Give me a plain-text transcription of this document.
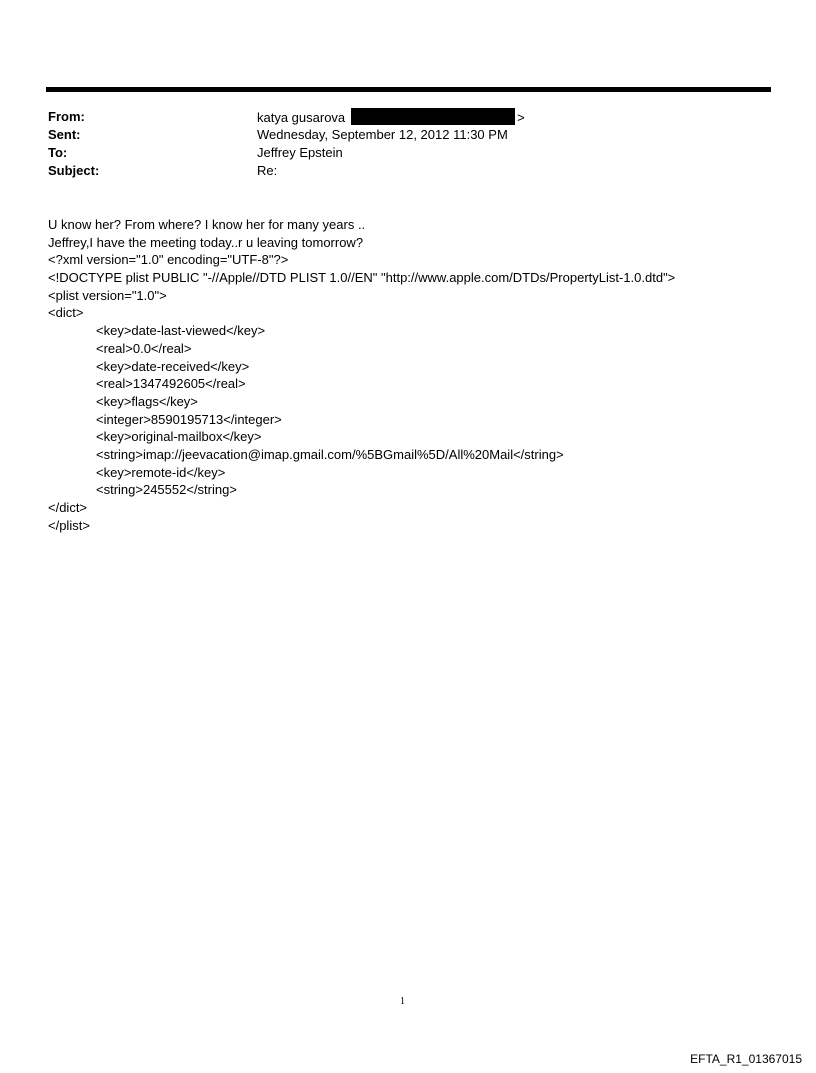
From:	katya gusarova	>
Sent:	Wednesday, September 12, 2012 11:30 PM
To:	Jeffrey Epstein
Subject:	Re:
U know her? From where? I know her for many years ..
Jeffrey,I have the meeting today..r u leaving tomorrow?
<?xml version="1.0" encoding="UTF-8"?>
<!DOCTYPE plist PUBLIC "-//Apple//DTD PLIST 1.0//EN" "http://www.apple.com/DTDs/PropertyList-1.0.dtd">
<plist version="1.0">
<dict>
<key>date-last-viewed</key>
<real>0.0</real>
<key>date-received</key>
<real>1347492605</real>
<key>flags</key>
<integer>8590195713</integer>
<key>original-mailbox</key>
<string>imap://jeevacation@imap.gmail.com/%5BGmail%5D/All%20Mail</string>
<key>remote-id</key>
<string>245552</string>
</dict>
</plist>
1
EFTA_R1_01367015
